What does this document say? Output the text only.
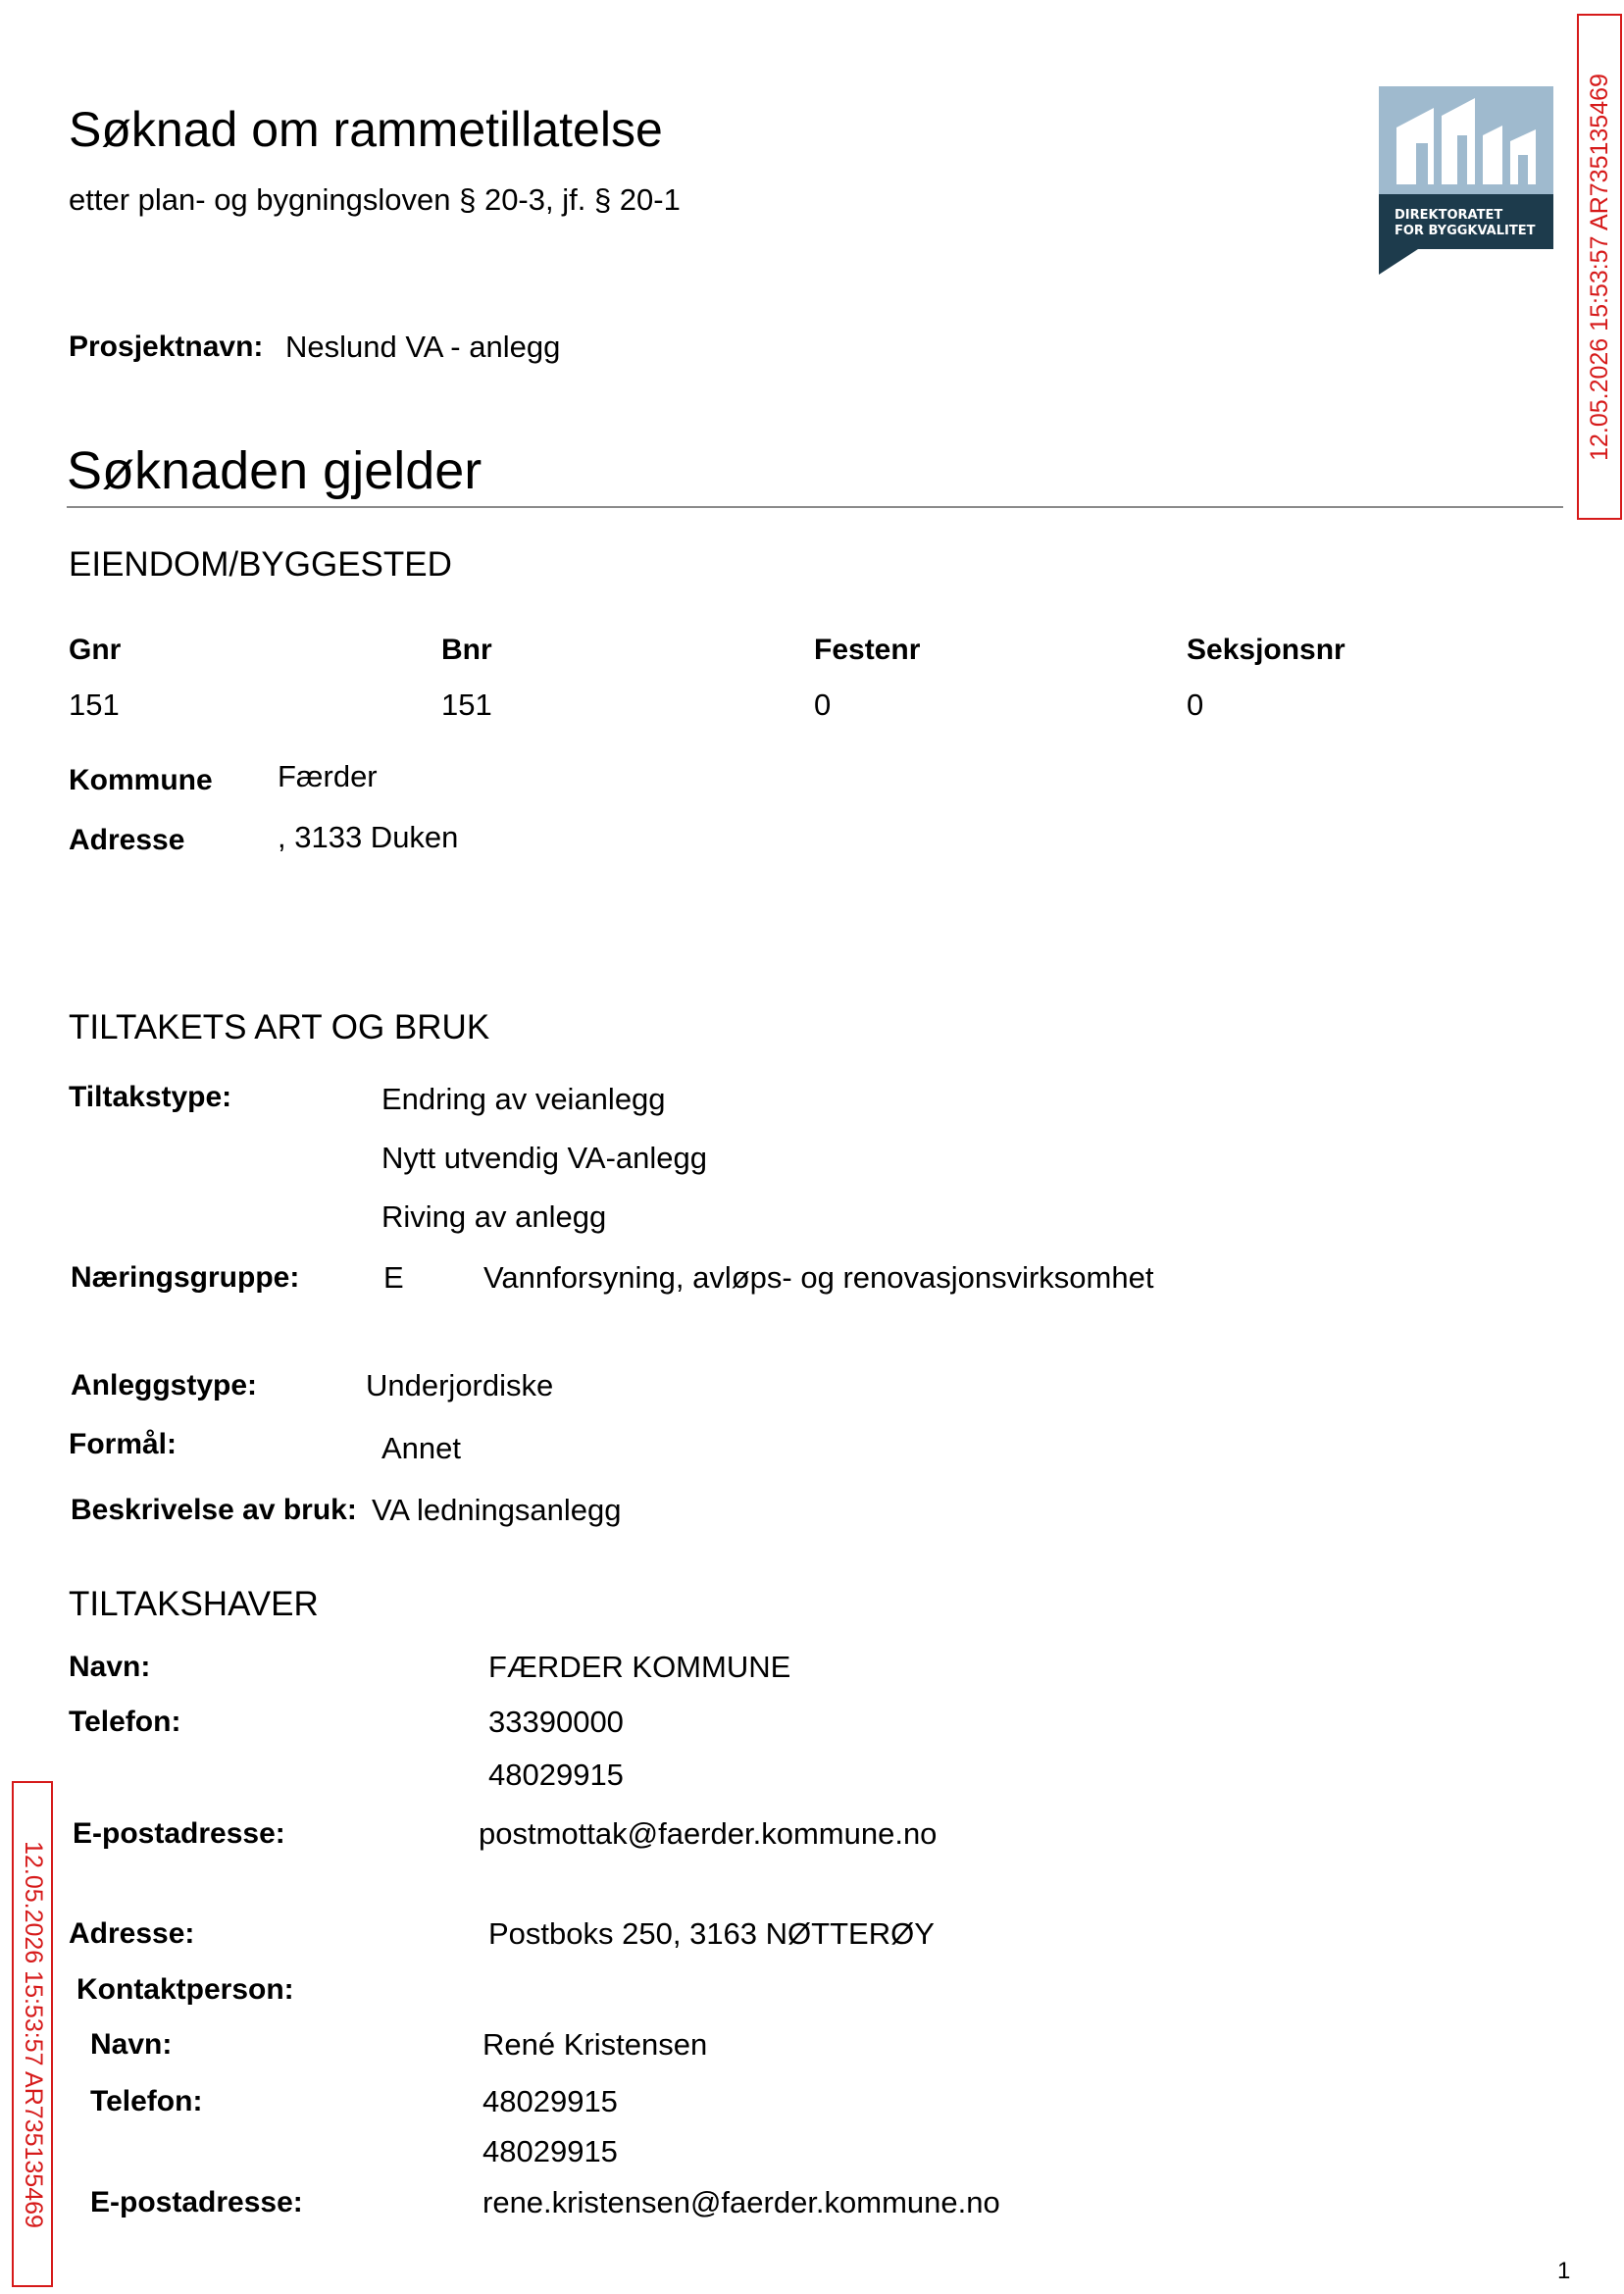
Søknad om rammetillatelse
etter plan- og bygningsloven § 20-3, jf. § 20-1	DIREKTORATET
FOR BYGGKVALITET 12.05.2026 15:53:57 AR735135469
12.05.2026 15:53:57 AR735135469
Prosjektnavn: Neslund VA - anlegg
Søknaden gjelder
EIENDOM/BYGGESTED
Gnr	Bnr	Festenr	Seksjonsnr
151	151	0	0
Kommune Færder
Adresse	, 3133 Duken
TILTAKETS ART OG BRUK
Tiltakstype:	Endring av veianlegg
Nytt utvendig VA-anlegg
Riving av anlegg
Næringsgruppe:	E	Vannforsyning, avløps- og renovasjonsvirksomhet
Anleggstype:	Underjordiske
Formål:	Annet
Beskrivelse av bruk: VA ledningsanlegg
TILTAKSHAVER
Navn:	FÆRDER KOMMUNE
Telefon:	33390000
48029915
E-postadresse:	postmottak@faerder.kommune.no
Adresse:	Postboks 250, 3163 NØTTERØY
Kontaktperson:
Navn:	René Kristensen
Telefon:	48029915
48029915
E-postadresse:	rene.kristensen@faerder.kommune.no
1
